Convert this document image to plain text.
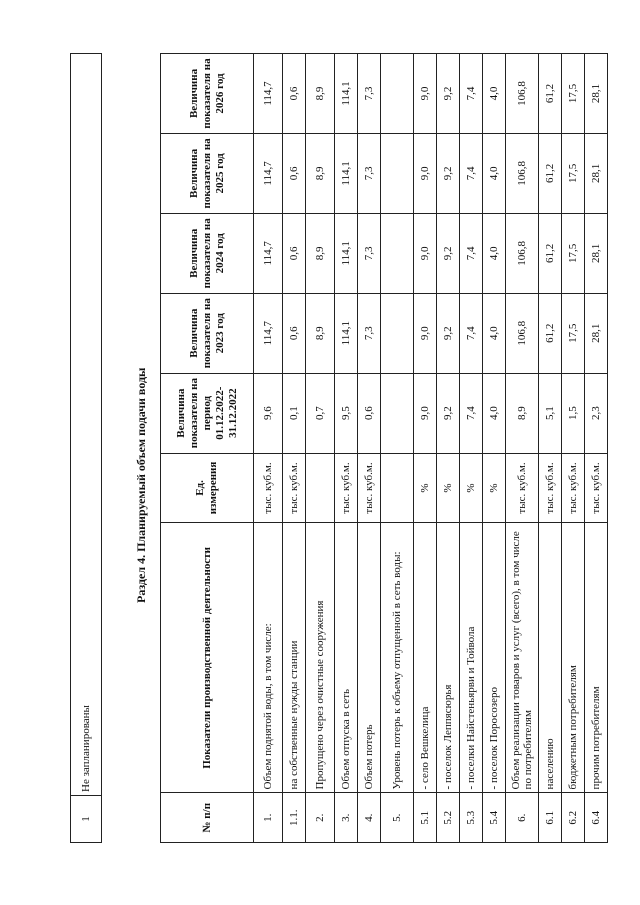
1	Не запланированы
Раздел 4. Планируемый объем подачи воды
№ п/п	Показатели производственной деятельности	Ед. измерения	Величина показателя на период 01.12.2022-31.12.2022	Величина показателя на 2023 год	Величина показателя на 2024 год	Величина показателя на 2025 год	Величина показателя на 2026 год
1.	Объем поднятой воды, в том числе:	тыс. куб.м.	9,6	114,7	114,7	114,7	114,7
1.1.	на собственные нужды станции	тыс. куб.м.	0,1	0,6	0,6	0,6	0,6
2.	Пропущено через очистные сооружения		0,7	8,9	8,9	8,9	8,9
3.	Объем отпуска в сеть	тыс. куб.м.	9,5	114,1	114,1	114,1	114,1
4.	Объем потерь	тыс. куб.м.	0,6	7,3	7,3	7,3	7,3
5.	Уровень потерь к объему отпущенной в сеть воды:						
5.1	- село Вешкелица	%	9,0	9,0	9,0	9,0	9,0
5.2	- поселок Леппясюрья	%	9,2	9,2	9,2	9,2	9,2
5.3	- поселки Найстеньярви и Тойвола	%	7,4	7,4	7,4	7,4	7,4
5.4	- поселок Поросозеро	%	4,0	4,0	4,0	4,0	4,0
6.	Объем реализации товаров и услуг (всего), в том числе по потребителям	тыс. куб.м.	8,9	106,8	106,8	106,8	106,8
6.1	населению	тыс. куб.м.	5,1	61,2	61,2	61,2	61,2
6.2	бюджетным потребителям	тыс. куб.м.	1,5	17,5	17,5	17,5	17,5
6.4	прочим потребителям	тыс. куб.м.	2,3	28,1	28,1	28,1	28,1
